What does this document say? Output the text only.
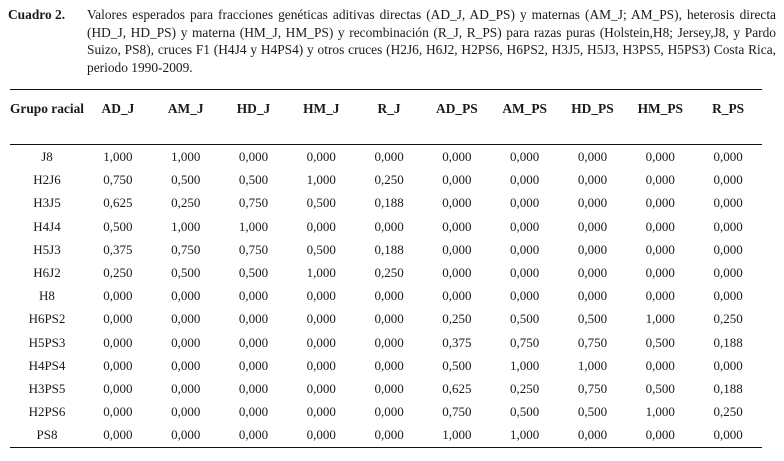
Cuadro 2. Valores esperados para fracciones genéticas aditivas directas (AD_J, AD_PS) y maternas (AM_J; AM_PS), heterosis directa (HD_J, HD_PS) y materna (HM_J, HM_PS) y recombinación (R_J, R_PS) para razas puras (Holstein,H8; Jersey,J8, y Pardo Suizo, PS8), cruces F1 (H4J4 y H4PS4) y otros cruces (H2J6, H6J2, H2PS6, H6PS2, H3J5, H5J3, H3PS5, H5PS3) Costa Rica, periodo 1990-2009.
Grupo racial	AD_J	AM_J	HD_J	HM_J	R_J	AD_PS	AM_PS	HD_PS	HM_PS	R_PS
J8	1,000	1,000	0,000	0,000	0,000	0,000	0,000	0,000	0,000	0,000
H2J6	0,750	0,500	0,500	1,000	0,250	0,000	0,000	0,000	0,000	0,000
H3J5	0,625	0,250	0,750	0,500	0,188	0,000	0,000	0,000	0,000	0,000
H4J4	0,500	1,000	1,000	0,000	0,000	0,000	0,000	0,000	0,000	0,000
H5J3	0,375	0,750	0,750	0,500	0,188	0,000	0,000	0,000	0,000	0,000
H6J2	0,250	0,500	0,500	1,000	0,250	0,000	0,000	0,000	0,000	0,000
H8	0,000	0,000	0,000	0,000	0,000	0,000	0,000	0,000	0,000	0,000
H6PS2	0,000	0,000	0,000	0,000	0,000	0,250	0,500	0,500	1,000	0,250
H5PS3	0,000	0,000	0,000	0,000	0,000	0,375	0,750	0,750	0,500	0,188
H4PS4	0,000	0,000	0,000	0,000	0,000	0,500	1,000	1,000	0,000	0,000
H3PS5	0,000	0,000	0,000	0,000	0,000	0,625	0,250	0,750	0,500	0,188
H2PS6	0,000	0,000	0,000	0,000	0,000	0,750	0,500	0,500	1,000	0,250
PS8	0,000	0,000	0,000	0,000	0,000	1,000	1,000	0,000	0,000	0,000
